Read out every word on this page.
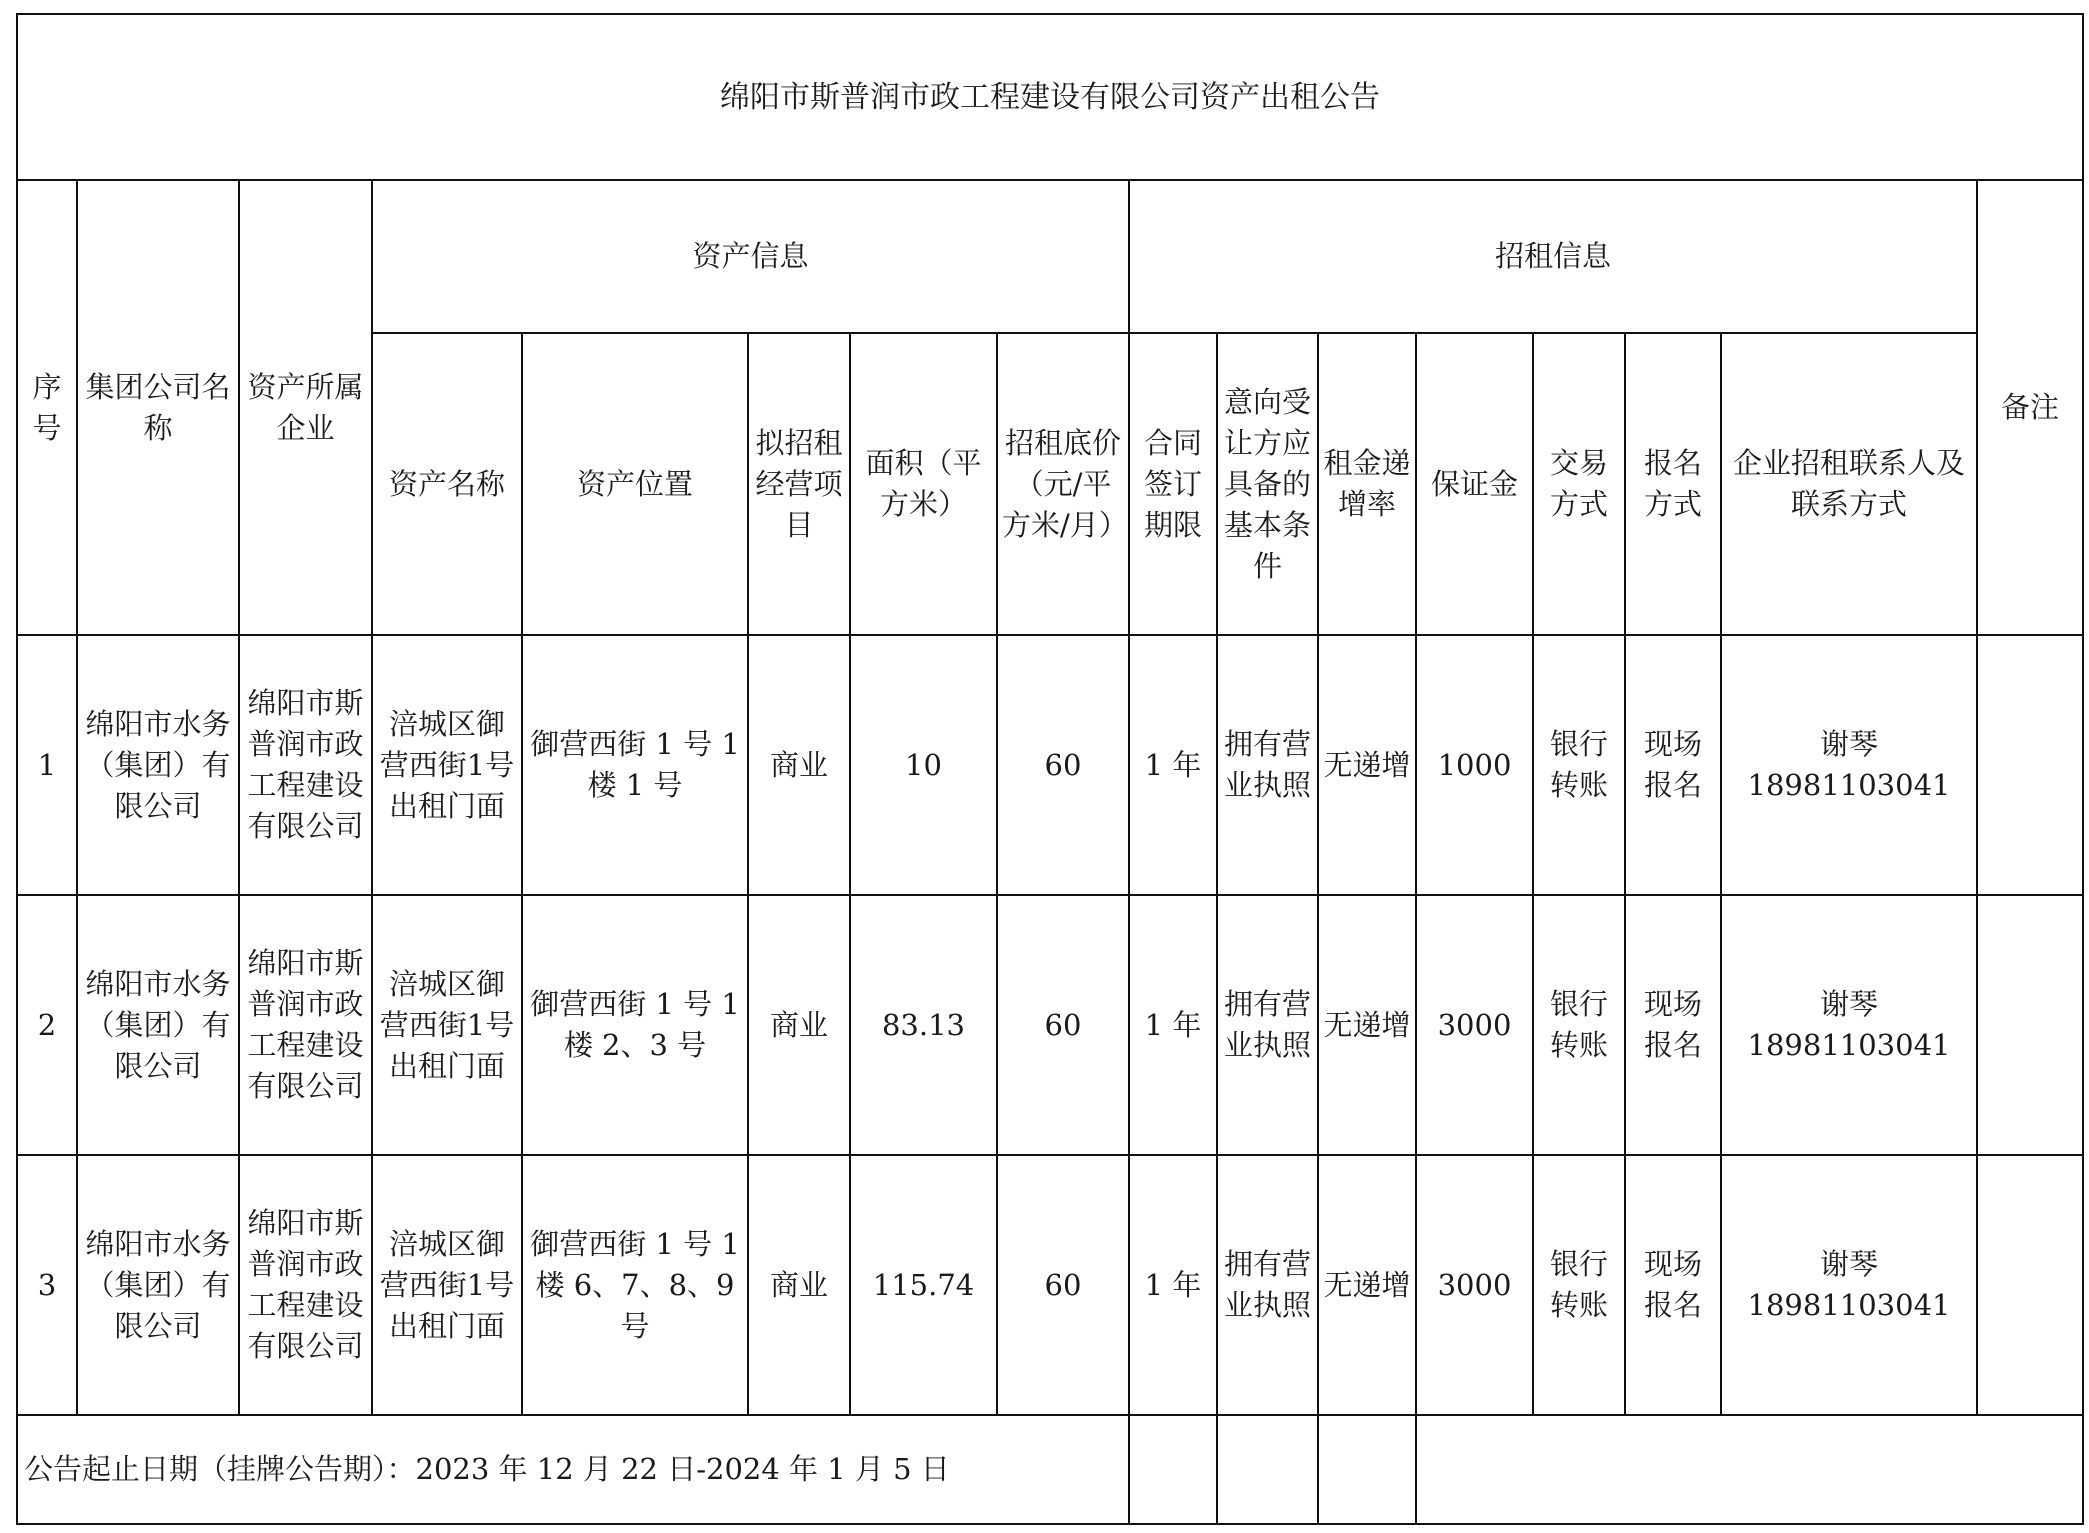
绵阳市斯普润市政工程建设有限公司资产出租公告															
序号	集团公司名称	资产所属企业	资产信息					招租信息							备注
			资产名称	资产位置	拟招租经营项目	面积（平方米）	招租底价（元/平方米/月）	合同签订期限	意向受让方应具备的基本条件	租金递增率	保证金	交易方式	报名方式	企业招租联系人及联系方式	
1	绵阳市水务（集团）有限公司	绵阳市斯普润市政工程建设有限公司	涪城区御营西街1号出租门面	御营西街 1 号 1 楼 1 号	商业	10	60	1 年	拥有营业执照	无递增	1000	银行转账	现场报名	谢琴
18981103041	

2	绵阳市水务（集团）有限公司	绵阳市斯普润市政工程建设有限公司	涪城区御营西街1号出租门面	御营西街 1 号 1 楼 2、3 号	商业	83.13	60	1 年	拥有营业执照	无递增	3000	银行转账	现场报名	谢琴
18981103041	

3	绵阳市水务（集团）有限公司	绵阳市斯普润市政工程建设有限公司	涪城区御营西街1号出租门面	御营西街 1 号 1 楼 6、7、8、9 号	商业	115.74	60	1 年	拥有营业执照	无递增	3000	银行转账	现场报名	谢琴
18981103041	

公告起止日期（挂牌公告期）：2023 年 12 月 22 日-2024 年 1 月 5 日															
